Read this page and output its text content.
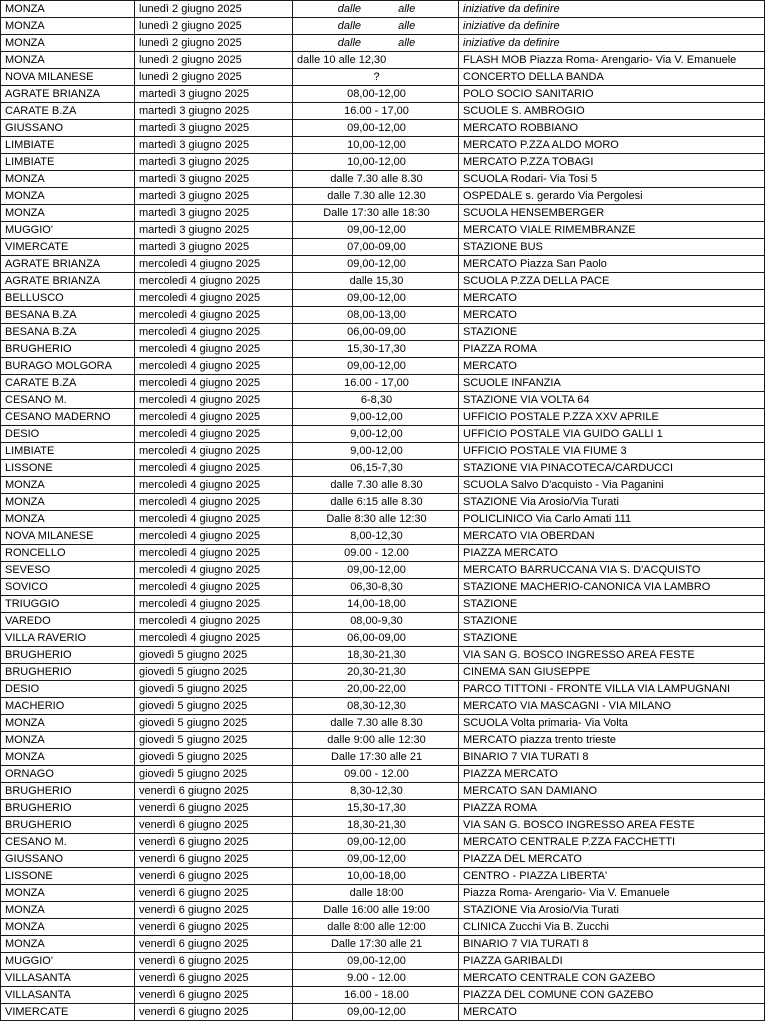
MONZA	lunedì 2 giugno 2025	dalle alle	iniziative da definire
MONZA	lunedì 2 giugno 2025	dalle alle	iniziative da definire
MONZA	lunedì 2 giugno 2025	dalle alle	iniziative da definire
MONZA	lunedì 2 giugno 2025	dalle 10 alle 12,30	FLASH MOB Piazza Roma- Arengario- Via V. Emanuele
NOVA MILANESE	lunedì 2 giugno 2025	?	CONCERTO DELLA BANDA
AGRATE BRIANZA	martedì 3 giugno 2025	08,00-12,00	POLO SOCIO SANITARIO
CARATE B.ZA	martedì 3 giugno 2025	16.00 - 17,00	SCUOLE S. AMBROGIO
GIUSSANO	martedì 3 giugno 2025	09,00-12,00	MERCATO ROBBIANO
LIMBIATE	martedì 3 giugno 2025	10,00-12,00	MERCATO P.ZZA ALDO MORO
LIMBIATE	martedì 3 giugno 2025	10,00-12,00	MERCATO P.ZZA TOBAGI
MONZA	martedì 3 giugno 2025	dalle 7.30 alle 8.30	SCUOLA Rodari- Via Tosi 5
MONZA	martedì 3 giugno 2025	dalle 7.30 alle 12.30	OSPEDALE s. gerardo Via Pergolesi
MONZA	martedì 3 giugno 2025	Dalle 17:30 alle 18:30	SCUOLA HENSEMBERGER
MUGGIO'	martedì 3 giugno 2025	09,00-12,00	MERCATO VIALE RIMEMBRANZE
VIMERCATE	martedì 3 giugno 2025	07,00-09,00	STAZIONE BUS
AGRATE BRIANZA	mercoledì 4 giugno 2025	09,00-12,00	MERCATO Piazza San Paolo
AGRATE BRIANZA	mercoledì 4 giugno 2025	dalle 15,30	SCUOLA P.ZZA DELLA PACE
BELLUSCO	mercoledì 4 giugno 2025	09,00-12,00	MERCATO
BESANA B.ZA	mercoledì 4 giugno 2025	08,00-13,00	MERCATO
BESANA B.ZA	mercoledì 4 giugno 2025	06,00-09,00	STAZIONE
BRUGHERIO	mercoledì 4 giugno 2025	15,30-17,30	PIAZZA ROMA
BURAGO MOLGORA	mercoledì 4 giugno 2025	09,00-12,00	MERCATO
CARATE B.ZA	mercoledì 4 giugno 2025	16.00 - 17,00	SCUOLE INFANZIA
CESANO M.	mercoledì 4 giugno 2025	6-8,30	STAZIONE VIA VOLTA 64
CESANO MADERNO	mercoledì 4 giugno 2025	9,00-12,00	UFFICIO POSTALE P.ZZA XXV APRILE
DESIO	mercoledì 4 giugno 2025	9,00-12,00	UFFICIO POSTALE VIA GUIDO GALLI 1
LIMBIATE	mercoledì 4 giugno 2025	9,00-12,00	UFFICIO POSTALE VIA FIUME 3
LISSONE	mercoledì 4 giugno 2025	06,15-7,30	STAZIONE VIA PINACOTECA/CARDUCCI
MONZA	mercoledì 4 giugno 2025	dalle 7.30 alle 8.30	SCUOLA Salvo D'acquisto - Via Paganini
MONZA	mercoledì 4 giugno 2025	dalle 6:15 alle 8.30	STAZIONE Via Arosio/Via Turati
MONZA	mercoledì 4 giugno 2025	Dalle 8:30 alle 12:30	POLICLINICO Via Carlo Amati 111
NOVA MILANESE	mercoledì 4 giugno 2025	8,00-12,30	MERCATO VIA OBERDAN
RONCELLO	mercoledì 4 giugno 2025	09.00 - 12.00	PIAZZA MERCATO
SEVESO	mercoledì 4 giugno 2025	09,00-12,00	MERCATO BARRUCCANA VIA S. D'ACQUISTO
SOVICO	mercoledì 4 giugno 2025	06,30-8,30	STAZIONE MACHERIO-CANONICA VIA LAMBRO
TRIUGGIO	mercoledì 4 giugno 2025	14,00-18,00	STAZIONE
VAREDO	mercoledì 4 giugno 2025	08,00-9,30	STAZIONE
VILLA RAVERIO	mercoledì 4 giugno 2025	06,00-09,00	STAZIONE
BRUGHERIO	giovedì 5 giugno 2025	18,30-21,30	VIA SAN G. BOSCO INGRESSO AREA FESTE
BRUGHERIO	giovedì 5 giugno 2025	20,30-21,30	CINEMA SAN GIUSEPPE
DESIO	giovedì 5 giugno 2025	20,00-22,00	PARCO TITTONI - FRONTE VILLA VIA LAMPUGNANI
MACHERIO	giovedì 5 giugno 2025	08,30-12,30	MERCATO VIA MASCAGNI - VIA MILANO
MONZA	giovedì 5 giugno 2025	dalle 7.30 alle 8.30	SCUOLA Volta primaria- Via Volta
MONZA	giovedì 5 giugno 2025	dalle 9:00 alle 12:30	MERCATO piazza trento trieste
MONZA	giovedì 5 giugno 2025	Dalle 17:30 alle 21	BINARIO 7 VIA TURATI 8
ORNAGO	giovedì 5 giugno 2025	09.00 - 12.00	PIAZZA MERCATO
BRUGHERIO	venerdì 6 giugno 2025	8,30-12,30	MERCATO SAN DAMIANO
BRUGHERIO	venerdì 6 giugno 2025	15,30-17,30	PIAZZA ROMA
BRUGHERIO	venerdì 6 giugno 2025	18,30-21,30	VIA SAN G. BOSCO INGRESSO AREA FESTE
CESANO M.	venerdì 6 giugno 2025	09,00-12,00	MERCATO CENTRALE P.ZZA FACCHETTI
GIUSSANO	venerdì 6 giugno 2025	09,00-12,00	PIAZZA DEL MERCATO
LISSONE	venerdì 6 giugno 2025	10,00-18,00	CENTRO - PIAZZA LIBERTA'
MONZA	venerdì 6 giugno 2025	dalle 18:00	Piazza Roma- Arengario- Via V. Emanuele
MONZA	venerdì 6 giugno 2025	Dalle 16:00 alle 19:00	STAZIONE Via Arosio/Via Turati
MONZA	venerdì 6 giugno 2025	dalle 8:00 alle 12:00	CLINICA Zucchi Via B. Zucchi
MONZA	venerdì 6 giugno 2025	Dalle 17:30 alle 21	BINARIO 7 VIA TURATI 8
MUGGIO'	venerdì 6 giugno 2025	09,00-12,00	PIAZZA GARIBALDI
VILLASANTA	venerdì 6 giugno 2025	9.00 - 12.00	MERCATO CENTRALE CON GAZEBO
VILLASANTA	venerdì 6 giugno 2025	16.00 - 18.00	PIAZZA DEL COMUNE CON GAZEBO
VIMERCATE	venerdì 6 giugno 2025	09,00-12,00	MERCATO
